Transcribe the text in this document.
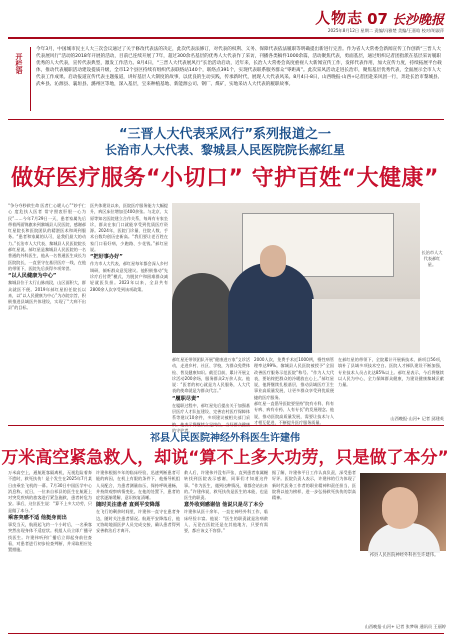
人物志 07 长沙晚报
2025年8月12日 星期二 责编/冯雅楚 美编/王嘉晗 校对/胡淑萍
开栏语
今年3月，中国城市民主人大三次会议通过了关于修改代表法的决定，此次代表法修订，对代表的权利、义务、保障代表依法履职等明确提出新进行完善。作为省人大常委会新闻宣传工作创新“三晋人大代表展风行”活动的2018年开展的活动，目前已连续开展了7年，超过300余名基层的优秀人大代表作了采访，刊播各类稿件1000余篇，活动聚焦代表，勇面基层，通过组织记者团指派在基层采访履职优秀的人大代表，宣传代表典型，激发工作活力。8月4日，“三晋人大代表展风行”长治活动启动，近年来，长治人大常委会高度重视人大新闻宣传工作，发挥代表作用，加大宣传力度，持续拓展平台载体，推动代表履职活动建设提质升级，全市12个县区持续有组织代表联络站140个，联络点391个，实现代表联系服务群众“零距离”。此次采风活动走进长治市，聚焦基层优秀代表，全面展示全市人大代表工作成果。启动报道宣传代表主题报道，讲好基层人大制度的故事，以优良的生动实践，传承新时代，展现人大代表风采。8月4日-8日，山西晚报·山西+记者团赴采风团一行，奔赴长治市黎城县、武乡县、沁源县、襄垣县、潞州区等地，深入基层，宝来种植基地、新能源公司、钢厂、煤矿，实地采访人大代表的履职故事。
“三晋人大代表采风行”系列报道之一
长治市人大代表、黎城县人民医院院长郝红星
做好医疗服务“小切口” 守护百姓“大健康”
“争分夺秒救生命 医者仁心暖人心”“妙手仁心 度危扶人医者 常守照衷肝胆一心为民”……今年7月29日一天，患者家属先后带着两面锦旗来到黎城县人民医院，感谢郝红星院长和医院团队的精湛医术和周到服务。“患者和家属的认可，是我们最大的动力。”长治市人大代表、黎城县人民医院院长郝红星说。郝红星是黎城县人民医院的一名普通的外科医生，他从一名普通医生成长为医院院长，一直坚守在基层医疗一线，在他的带领下，医院先后获得多项荣誉。
“以人民健康为中心”
黎城县位于太行山脉南段，山区面积大，群众就医不便。2019年郝红星担任院长以来，以“以人民健康为中心”为办院宗旨，积极推进县域医共体建设，实现了“大病不出县”的目标。
医共体建设以来，医院医疗服务能力大幅提升，病区床位增加至400余张。与北京、太原等知名医院建立合作关系，每周有专家坐诊，群众在家门口就能享受到优质医疗资源。2024年，医院门诊量、住院人数、手术台数均创历史新高。“我们要让老百姓在家门口看好病，少跑路、少花钱。”郝红星说。
“把好事办好”
作为市人大代表，郝红星每年都会深入乡村调研，倾听群众意见建议。他积极推动“先诊疗后付费”模式，为脱贫户和困难群众减轻就医负担。2023年以来，全县共有2800余人次享受到该项政策。
长治市人大代表郝红星。
郝红星还带领团队开展“健康进万家”义诊活动，走进乡村、社区、学校，为群众免费体检、普及健康知识。截至目前，累计开展义诊活动200余场，服务群众2万余人次。他说：“医者的初心就是为人民服务，人大代表的使命就是为群众代言。”
“履职尽责”
在履职过程中，郝红星先后提出关于加强基层医疗人才队伍建设、完善农村医疗保障体系等建议10余件，多项建议被相关部门采 的守护者。
2000人次，免费手术近1000例，慢性病管理率达99%。黎城县人民医院被授予“全国改善医疗服务示范医院”称号。“作为人大代表，要始终把群众的冷暖放在心上。”郝红星说，他将继续扎根基层，推动县域医疗卫生事业高质量发展，让更多群众享受到优质便捷的医疗服务。
郝红星一直倡导医院要坚持“院有专科、科有专病、病有专药、人有专长”的发展理念。他说，推动医院高质量发展，需要让技术与人才相互促进，不断提升医疗服务质量。
在郝红星的带领下，全院累计开展新技术、新项目56项，填补了县域多项技术空白。医院人才梯队建设不断加强，专业技术人员占比达85%以上。郝红星表示，今后将继续以人民为中心，全力保障群众健康，为建设健康黎城贡献力量。
山西晚报·山河+ 记者 邱建英
祁县人民医院神经外科医生许建伟
万米高空紧急救人，却说“算不上多大功劳，只是做了本分”
万米高空上，通航班客隔离机，无视危险着奔不遗时，救死扶伤！是个发生在2025年7月某日由乘坐飞机的一幕。7月30日中国医学中心消息称，近日，一位来自祁县的医生在航班上对突发疾病的旅客进行紧急施救，患者转危为安。事后，这位医生说：“算不上多大功劳，只是做了本分。”
乘客突感不适 他挺身而出
事发当天，航班起飞约一个小时后，一名乘客突然出现身体不适症状。机组人员立即广播寻找医生。许建伟听到广播后立即起身前往查看，对患者进行初步检查判断，并采取相应处置措施。
许建伟根据多年的临床经验，迅速判断患者可能的病因，在机上有限的条件下，他指导机组人员配合，为患者测量血压，保持呼吸通畅，并持续观察病情变化。在他的处置下，患者的症状逐渐缓解，意识恢复清晰。
随时关注患者 直到平安降落
在飞行的剩余时间里，许建伟一直守在患者身边，随时关注患者情况。航班平安降落后，他又协助地面医护人员完成交接，确认患者得到妥善救治后才离开。
救人后，许建伟并没有声张，直到患者家属辗转找到医院表示感谢，同事们才知道这件事。“作为医生，遇到这种情况，谁都会站出来的。”许建伟说，救死扶伤是医生的本能，也是医生的职责。
意外收到感谢信 他说只是尽了本分
许建伟从医十余年，一直在神经外科工作，临床经验丰富。他说：“医生的职责就是治病救人，无论在医院还是在其他地方，只要有需要，都应该义不容辞。”
据了解，许建伟平日工作认真负责，深受患者好评。医院负责人表示，许建伟的行为体现了新时代医务工作者的职业精神和责任担当，医院将以他为榜样，进一步弘扬救死扶伤的崇高精神。
山西晚报·山河+ 记者 张梦瑞 通讯员 王丽婷
祁县人民医院神经外科医生许建伟。
